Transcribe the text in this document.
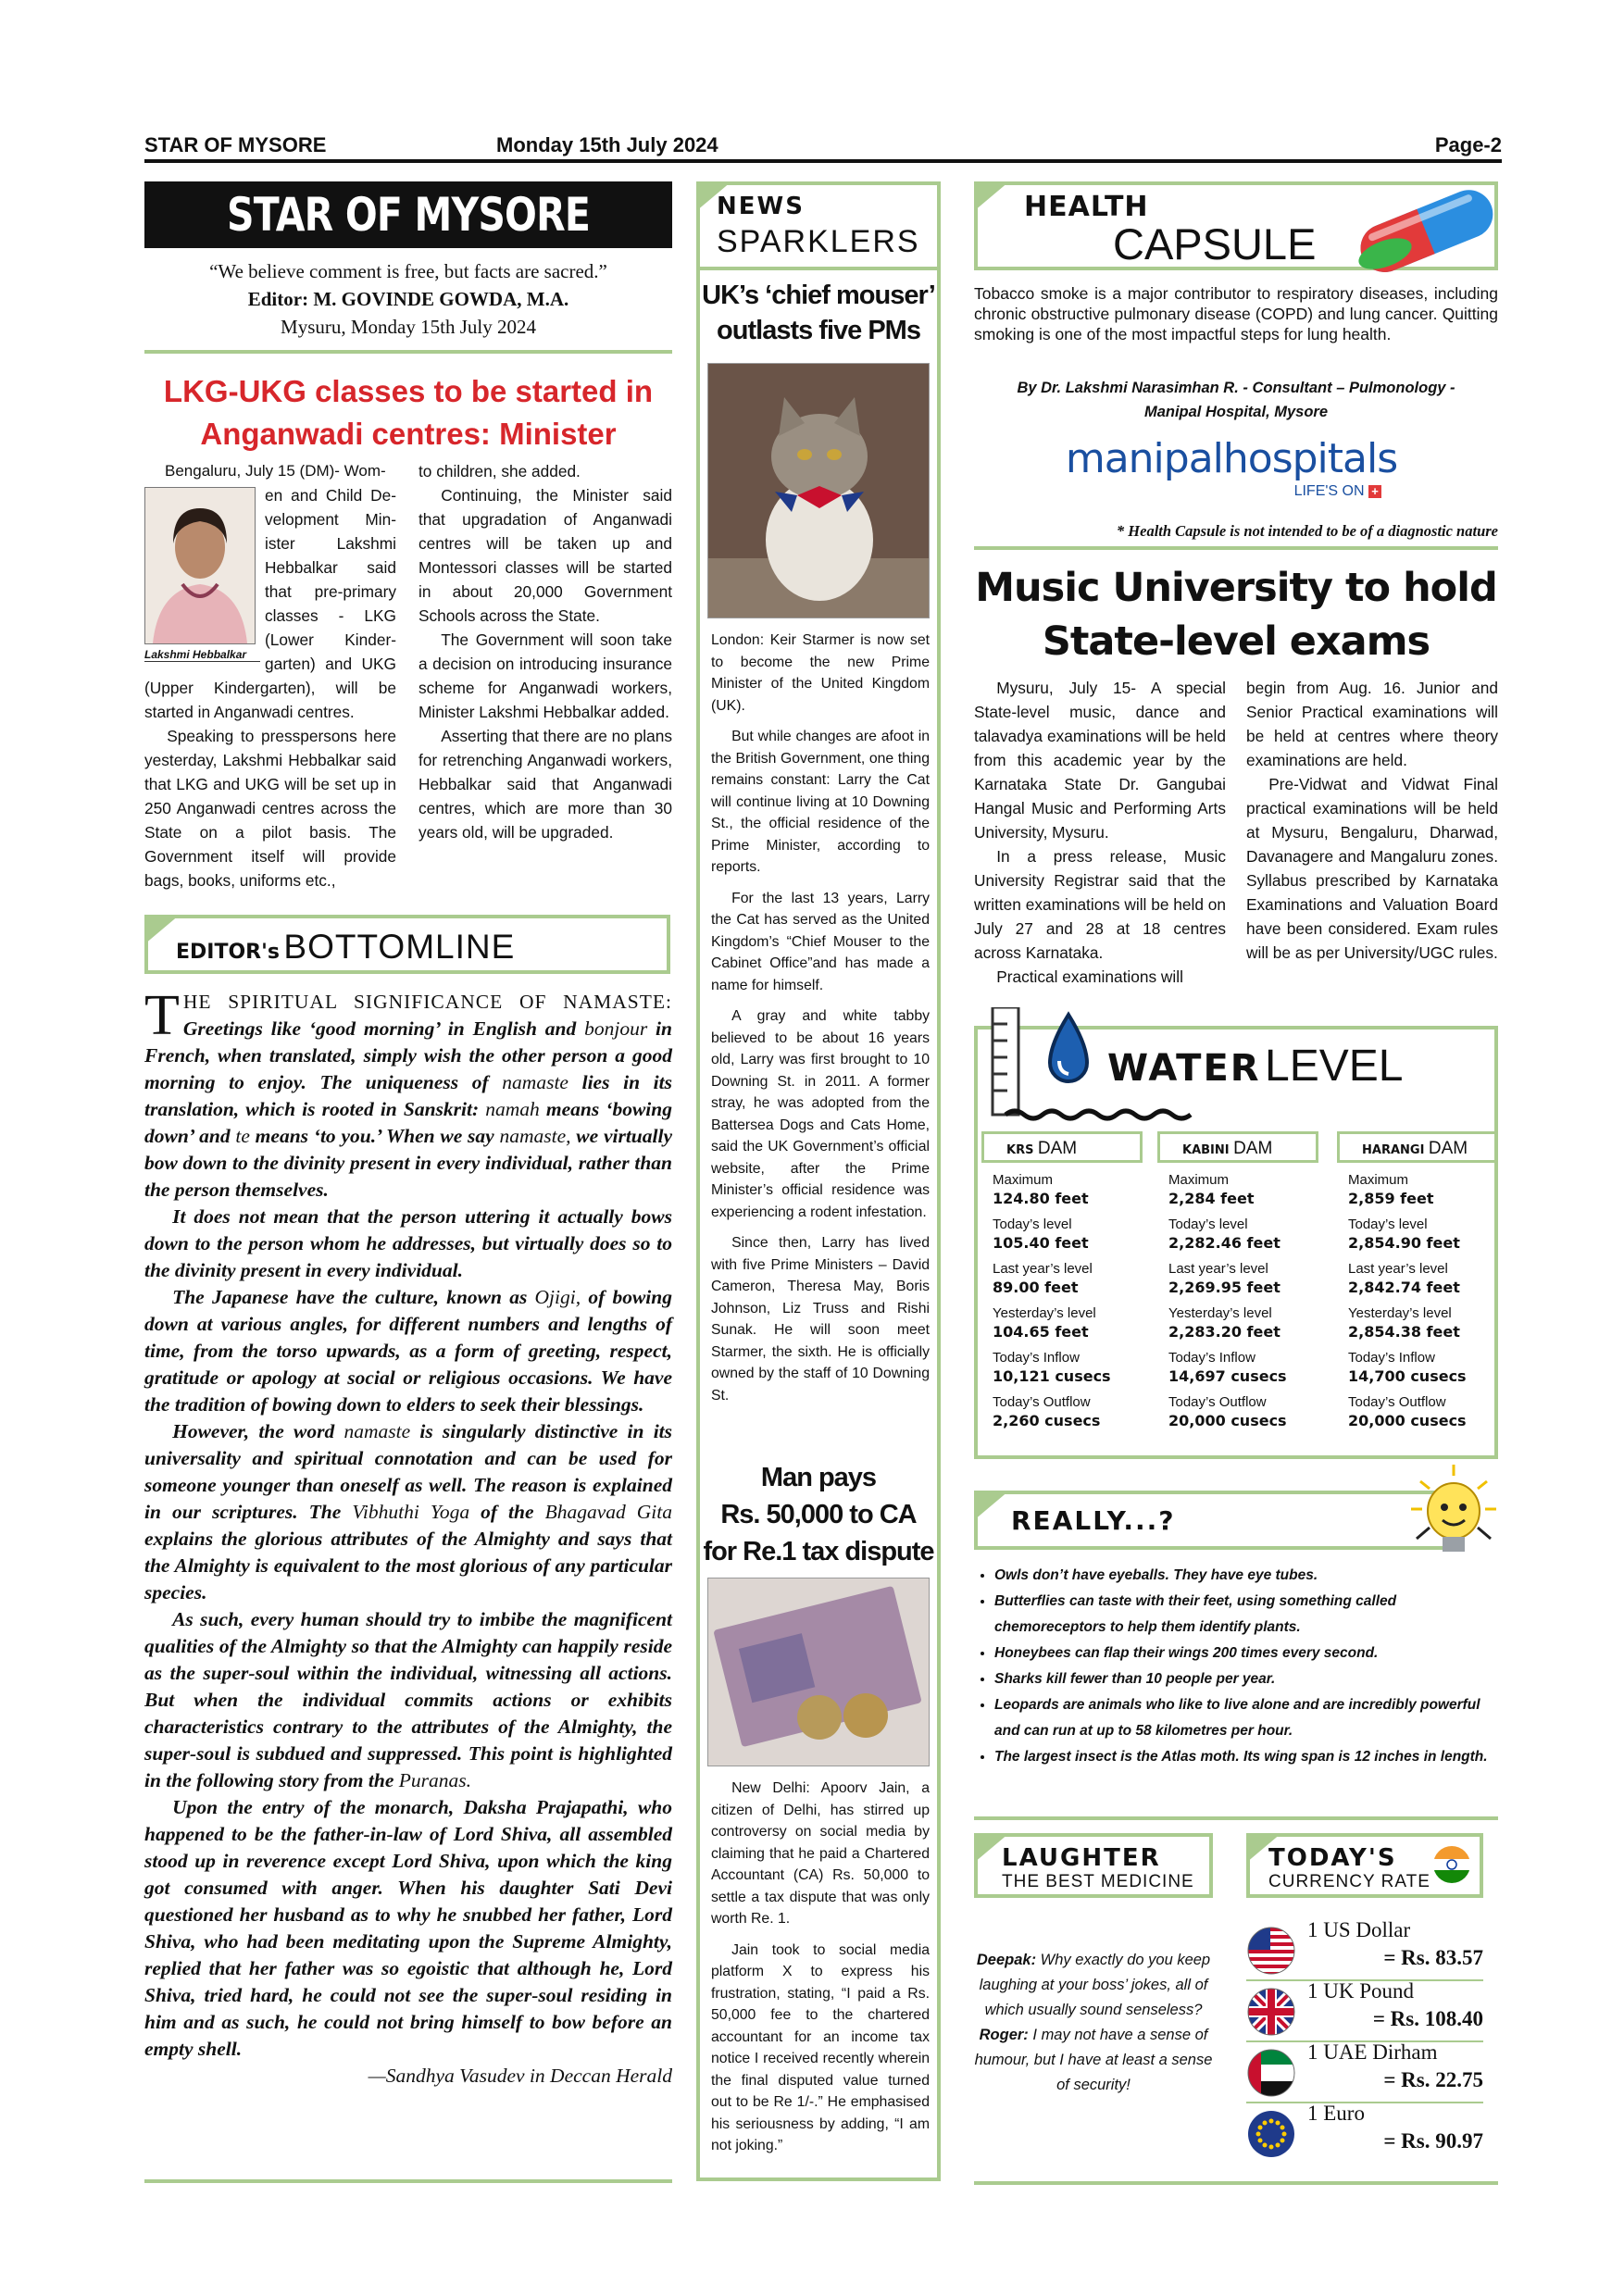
STAR OF MYSORE	Monday 15th July 2024	Page-2
STAR OF MYSORE
“We believe comment is free, but facts are sacred.”
Editor: M. GOVINDE GOWDA, M.A.
Mysuru, Monday 15th July 2024
LKG-UKG classes to be started in
Anganwadi centres: Minister
Lakshmi Hebbalkar
Bengaluru, July 15 (DM)- Wom-
en and Child De-
velopment Min-
ister Lakshmi
Hebbalkar said
that pre-primary
classes - LKG
(Lower Kinder-
garten) and UKG
(Upper Kindergarten), will be started in Anganwadi centres.

Speaking to presspersons here yesterday, Lakshmi Hebbalkar said that LKG and UKG will be set up in 250 Anganwadi centres across the State on a pilot basis. The Government itself will provide bags, books, uniforms etc.,

to children, she added.

Continuing, the Minister said that upgradation of Anganwadi centres will be taken up and Montessori classes will be started in about 20,000 Government Schools across the State.

The Government will soon take a decision on introducing insurance scheme for Anganwadi workers, Minister Lakshmi Hebbalkar added.

Asserting that there are no plans for retrenching Anganwadi workers, Hebbalkar said that Anganwadi centres, which are more than 30 years old, will be upgraded.

EDITOR's BOTTOMLINE

THE SPIRITUAL SIGNIFICANCE OF NAMASTE: Greetings like ‘good morning’ in English and bonjour in French, when translated, simply wish the other person a good morning to enjoy. The uniqueness of namaste lies in its translation, which is rooted in Sanskrit: namah means ‘bowing down’ and te means ‘to you.’ When we say namaste, we virtually bow down to the divinity present in every individual, rather than the person themselves.

It does not mean that the person uttering it actually bows down to the person whom he addresses, but virtually does so to the divinity present in every individual.

The Japanese have the culture, known as Ojigi, of bowing down at various angles, for different numbers and lengths of time, from the torso upwards, as a form of greeting, respect, gratitude or apology at social or religious occasions. We have the tradition of bowing down to elders to seek their blessings.

However, the word namaste is singularly distinctive in its universality and spiritual connotation and can be used for someone younger than oneself as well. The reason is explained in our scriptures. The Vibhuthi Yoga of the Bhagavad Gita explains the glorious attributes of the Almighty and says that the Almighty is equivalent to the most glorious of any particular species.

As such, every human should try to imbibe the magnificent qualities of the Almighty so that the Almighty can happily reside as the super-soul within the individual, witnessing all actions. But when the individual commits actions or exhibits characteristics contrary to the attributes of the Almighty, the super-soul is subdued and suppressed. This point is highlighted in the following story from the Puranas.

Upon the entry of the monarch, Daksha Prajapathi, who happened to be the father-in-law of Lord Shiva, all assembled stood up in reverence except Lord Shiva, upon which the king got consumed with anger. When his daughter Sati Devi questioned her husband as to why he snubbed her father, Lord Shiva, who had been meditating upon the Supreme Almighty, replied that her father was so egoistic that although he, Lord Shiva, tried hard, he could not see the super-soul residing in him and as such, he could not bring himself to bow before an empty shell.

—Sandhya Vasudev in Deccan Herald
NEWS
SPARKLERS
UK’s ‘chief mouser’
outlasts five PMs

London: Keir Starmer is now set to become the new Prime Minister of the United Kingdom (UK).

But while changes are afoot in the British Government, one thing remains constant: Larry the Cat will continue living at 10 Downing St., the official residence of the Prime Minister, according to reports.

For the last 13 years, Larry the Cat has served as the United Kingdom’s “Chief Mouser to the Cabinet Office”and has made a name for himself.

A gray and white tabby believed to be about 16 years old, Larry was first brought to 10 Downing St. in 2011. A former stray, he was adopted from the Battersea Dogs and Cats Home, said the UK Government’s official website, after the Prime Minister’s official residence was experiencing a rodent infestation.

Since then, Larry has lived with five Prime Ministers – David Cameron, Theresa May, Boris Johnson, Liz Truss and Rishi Sunak. He will soon meet Starmer, the sixth. He is officially owned by the staff of 10 Downing St.

Man pays
Rs. 50,000 to CA
for Re.1 tax dispute

New Delhi: Apoorv Jain, a citizen of Delhi, has stirred up controversy on social media by claiming that he paid a Chartered Accountant (CA) Rs. 50,000 to settle a tax dispute that was only worth Re. 1.

Jain took to social media platform X to express his frustration, stating, “I paid a Rs. 50,000 fee to the chartered accountant for an income tax notice I received recently wherein the final disputed value turned out to be Re 1/-.” He emphasised his seriousness by adding, “I am not joking.”

HEALTH
CAPSULE
Tobacco smoke is a major contributor to respiratory diseases, including chronic obstructive pulmonary disease (COPD) and lung cancer. Quitting smoking is one of the most impactful steps for lung health.
By Dr. Lakshmi Narasimhan R. - Consultant – Pulmonology -
Manipal Hospital, Mysore
manipalhospitals
LIFE'S ON +
* Health Capsule is not intended to be of a diagnostic nature
Music University to hold
State-level exams

Mysuru, July 15- A special State-level music, dance and talavadya examinations will be held from this academic year by the Karnataka State Dr. Gangubai Hangal Music and Performing Arts University, Mysuru.

In a press release, Music University Registrar said that the written examinations will be held on July 27 and 28 at 18 centres across Karnataka.

Practical examinations will

begin from Aug. 16. Junior and Senior Practical examinations will be held at centres where theory examinations are held.

Pre-Vidwat and Vidwat Final practical examinations will be held at Mysuru, Bengaluru, Dharwad, Davanagere and Mangaluru zones. Syllabus prescribed by Karnataka Examinations and Valuation Board have been considered. Exam rules will be as per University/UGC rules.

WATER LEVEL
KRS DAM
Maximum
124.80 feet
Today’s level
105.40 feet
Last year’s level
89.00 feet
Yesterday’s level
104.65 feet
Today’s Inflow
10,121 cusecs
Today’s Outflow
2,260 cusecs
KABINI DAM
Maximum
2,284 feet
Today’s level
2,282.46 feet
Last year’s level
2,269.95 feet
Yesterday’s level
2,283.20 feet
Today’s Inflow
14,697 cusecs
Today’s Outflow
20,000 cusecs
HARANGI DAM
Maximum
2,859 feet
Today’s level
2,854.90 feet
Last year’s level
2,842.74 feet
Yesterday’s level
2,854.38 feet
Today’s Inflow
14,700 cusecs
Today’s Outflow
20,000 cusecs
REALLY...?
• Owls don’t have eyeballs. They have eye tubes.
• Butterflies can taste with their feet, using something called chemoreceptors to help them identify plants.
• Honeybees can flap their wings 200 times every second.
• Sharks kill fewer than 10 people per year.
• Leopards are animals who like to live alone and are incredibly powerful and can run at up to 58 kilometres per hour.
• The largest insect is the Atlas moth. Its wing span is 12 inches in length.
LAUGHTER
THE BEST MEDICINE
Deepak: Why exactly do you keep laughing at your boss’ jokes, all of which usually sound senseless?
Roger: I may not have a sense of humour, but I have at least a sense of security!
TODAY'S
CURRENCY RATE
1 US Dollar
= Rs. 83.57
1 UK Pound
= Rs. 108.40
1 UAE Dirham
= Rs. 22.75
1 Euro
= Rs. 90.97
